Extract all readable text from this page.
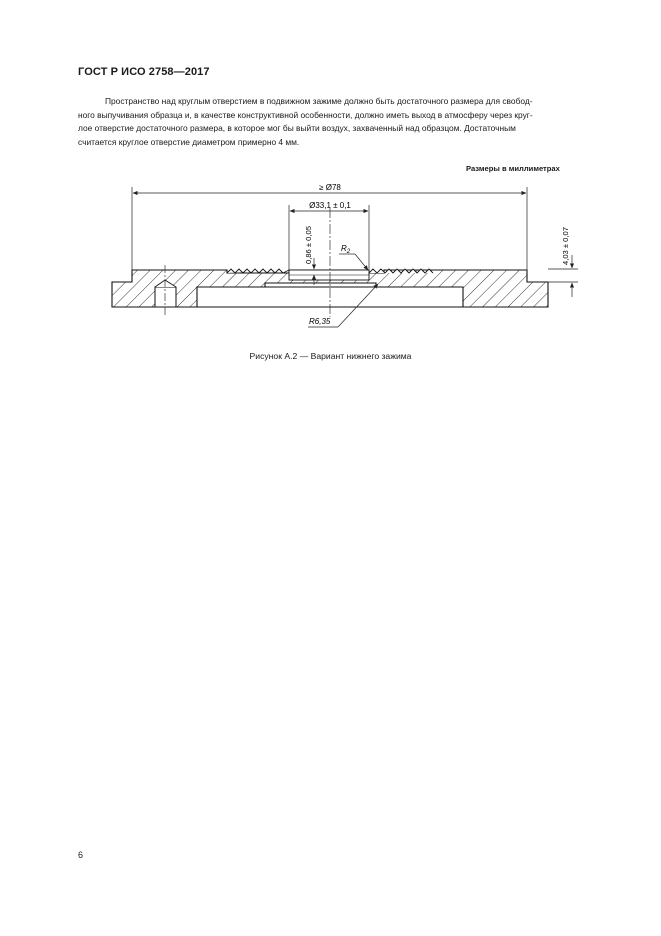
ГОСТ Р ИСО 2758—2017
Пространство над круглым отверстием в подвижном зажиме должно быть достаточного размера для свобод-
ного выпучивания образца и, в качестве конструктивной особенности, должно иметь выход в атмосферу через круг-
лое отверстие достаточного размера, в которое мог бы выйти воздух, захваченный над образцом. Достаточным
считается круглое отверстие диаметром примерно 4 мм.
Размеры в миллиметрах
≥ Ø78
Ø33,1 ± 0,1
0,86 ± 0,05	4,03 ± 0,07
$R_2$
R6,35
Рисунок А.2 — Вариант нижнего зажима
6
